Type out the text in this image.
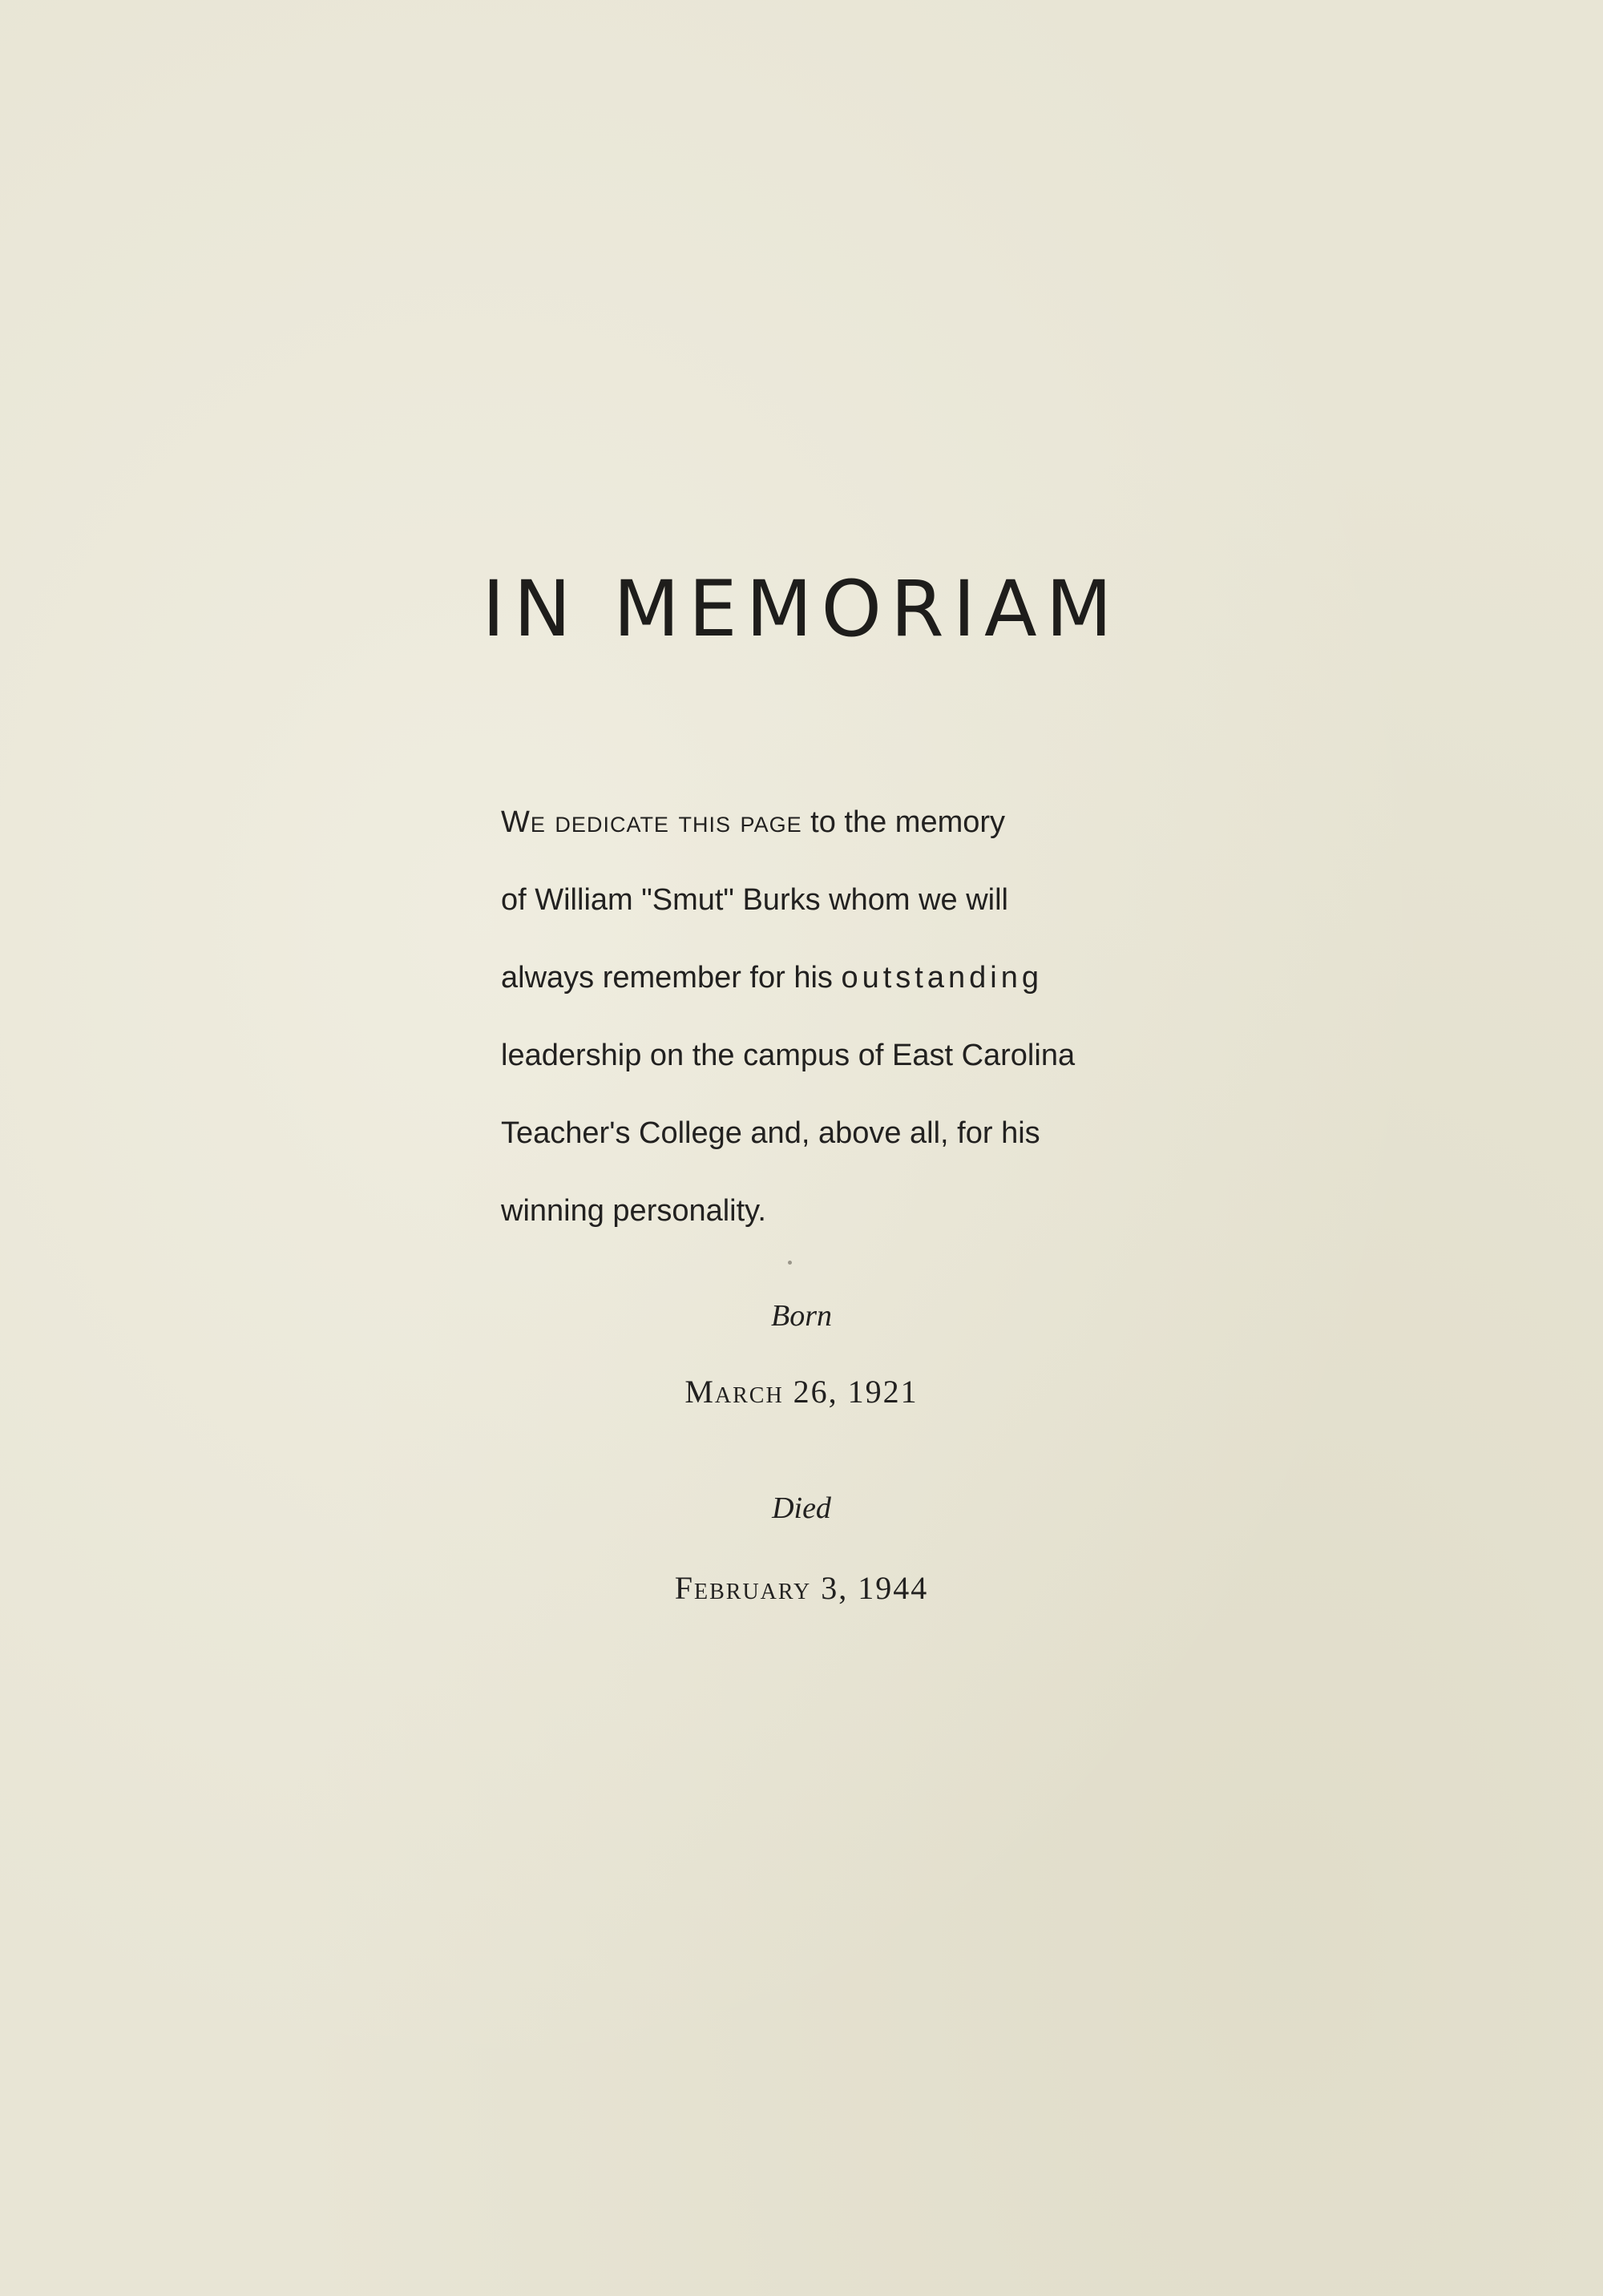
IN MEMORIAM
We dedicate this page to the memory
of William "Smut" Burks whom we will
always remember for his outstanding
leadership on the campus of East Carolina
Teacher's College and, above all, for his
winning personality.
Born
March 26, 1921
Died
February 3, 1944
